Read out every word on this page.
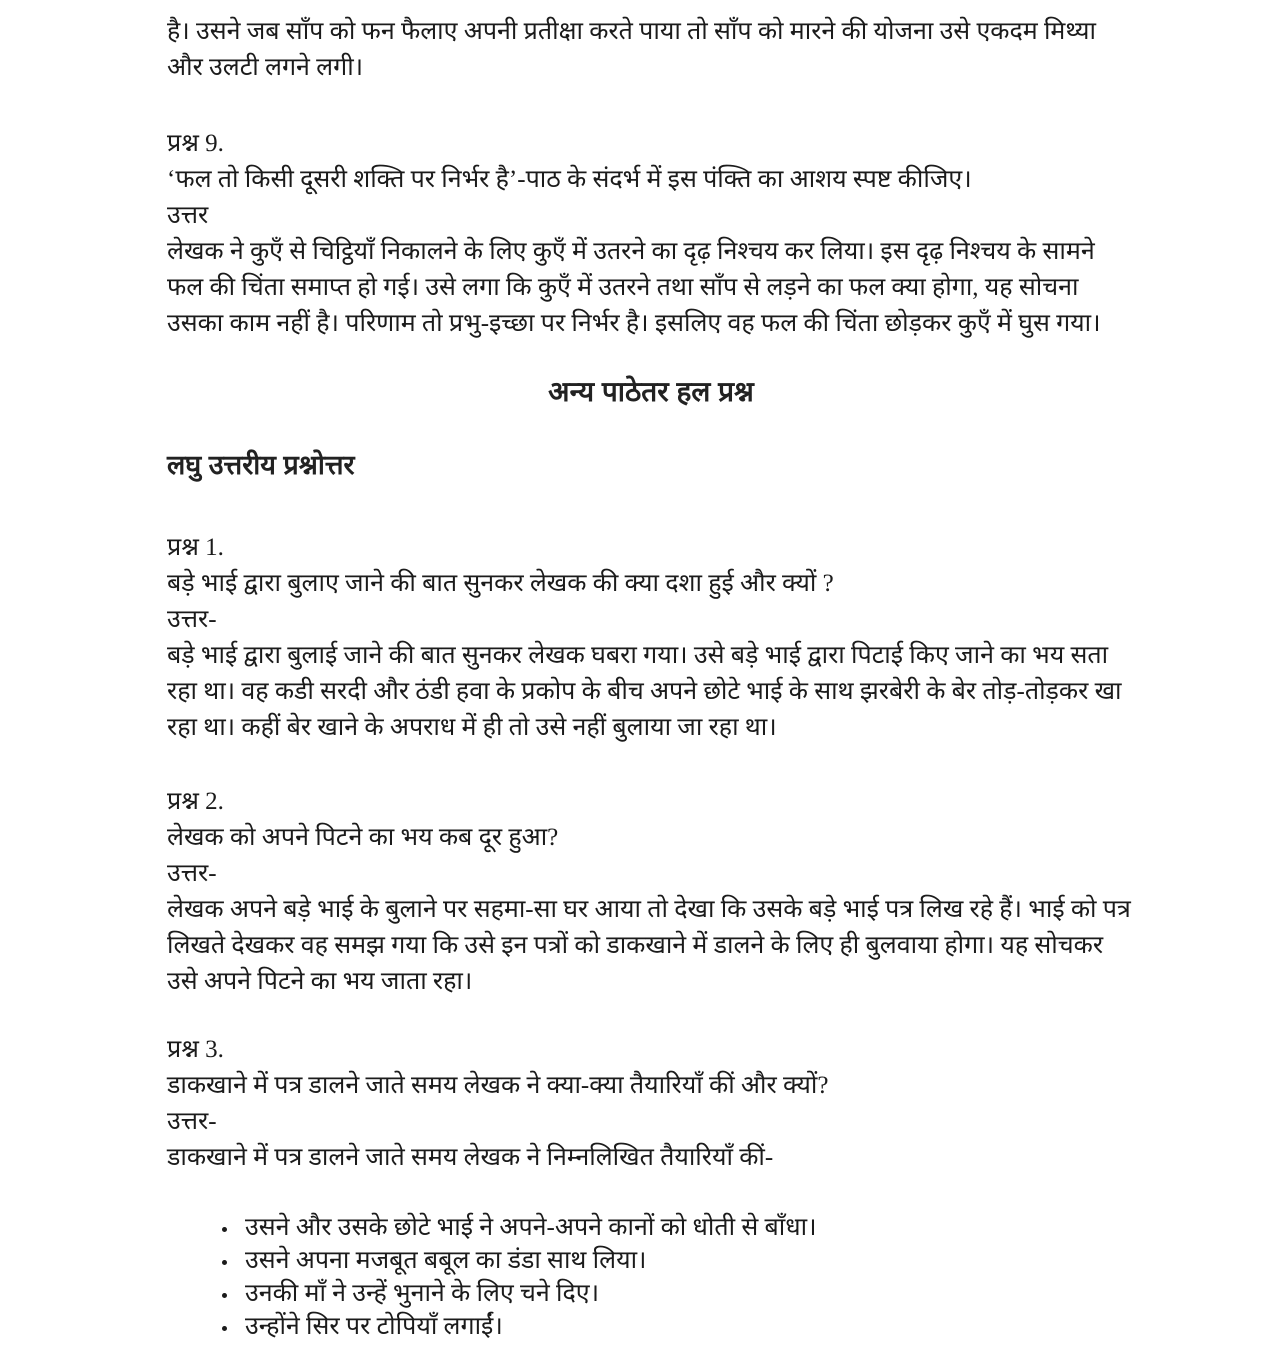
है। उसने जब साँप को फन फैलाए अपनी प्रतीक्षा करते पाया तो साँप को मारने की योजना उसे एकदम मिथ्या और उलटी लगने लगी।

प्रश्न 9.

‘फल तो किसी दूसरी शक्ति पर निर्भर है’-पाठ के संदर्भ में इस पंक्ति का आशय स्पष्ट कीजिए।

उत्तर

लेखक ने कुएँ से चिट्ठियाँ निकालने के लिए कुएँ में उतरने का दृढ़ निश्चय कर लिया। इस दृढ़ निश्चय के सामने फल की चिंता समाप्त हो गई। उसे लगा कि कुएँ में उतरने तथा साँप से लड़ने का फल क्या होगा, यह सोचना उसका काम नहीं है। परिणाम तो प्रभु-इच्छा पर निर्भर है। इसलिए वह फल की चिंता छोड़कर कुएँ में घुस गया।

अन्य पाठेतर हल प्रश्न
लघु उत्तरीय प्रश्नोत्तर

प्रश्न 1.

बड़े भाई द्वारा बुलाए जाने की बात सुनकर लेखक की क्या दशा हुई और क्यों ?

उत्तर-

बड़े भाई द्वारा बुलाई जाने की बात सुनकर लेखक घबरा गया। उसे बड़े भाई द्वारा पिटाई किए जाने का भय सता रहा था। वह कडी सरदी और ठंडी हवा के प्रकोप के बीच अपने छोटे भाई के साथ झरबेरी के बेर तोड़-तोड़कर खा रहा था। कहीं बेर खाने के अपराध में ही तो उसे नहीं बुलाया जा रहा था।

प्रश्न 2.

लेखक को अपने पिटने का भय कब दूर हुआ?

उत्तर-

लेखक अपने बड़े भाई के बुलाने पर सहमा-सा घर आया तो देखा कि उसके बड़े भाई पत्र लिख रहे हैं। भाई को पत्र लिखते देखकर वह समझ गया कि उसे इन पत्रों को डाकखाने में डालने के लिए ही बुलवाया होगा। यह सोचकर उसे अपने पिटने का भय जाता रहा।

प्रश्न 3.

डाकखाने में पत्र डालने जाते समय लेखक ने क्या-क्या तैयारियाँ कीं और क्यों?

उत्तर-

डाकखाने में पत्र डालने जाते समय लेखक ने निम्नलिखित तैयारियाँ कीं-

• उसने और उसके छोटे भाई ने अपने-अपने कानों को धोती से बाँधा।
• उसने अपना मजबूत बबूल का डंडा साथ लिया।
• उनकी माँ ने उन्हें भुनाने के लिए चने दिए।
• उन्होंने सिर पर टोपियाँ लगाईं।
